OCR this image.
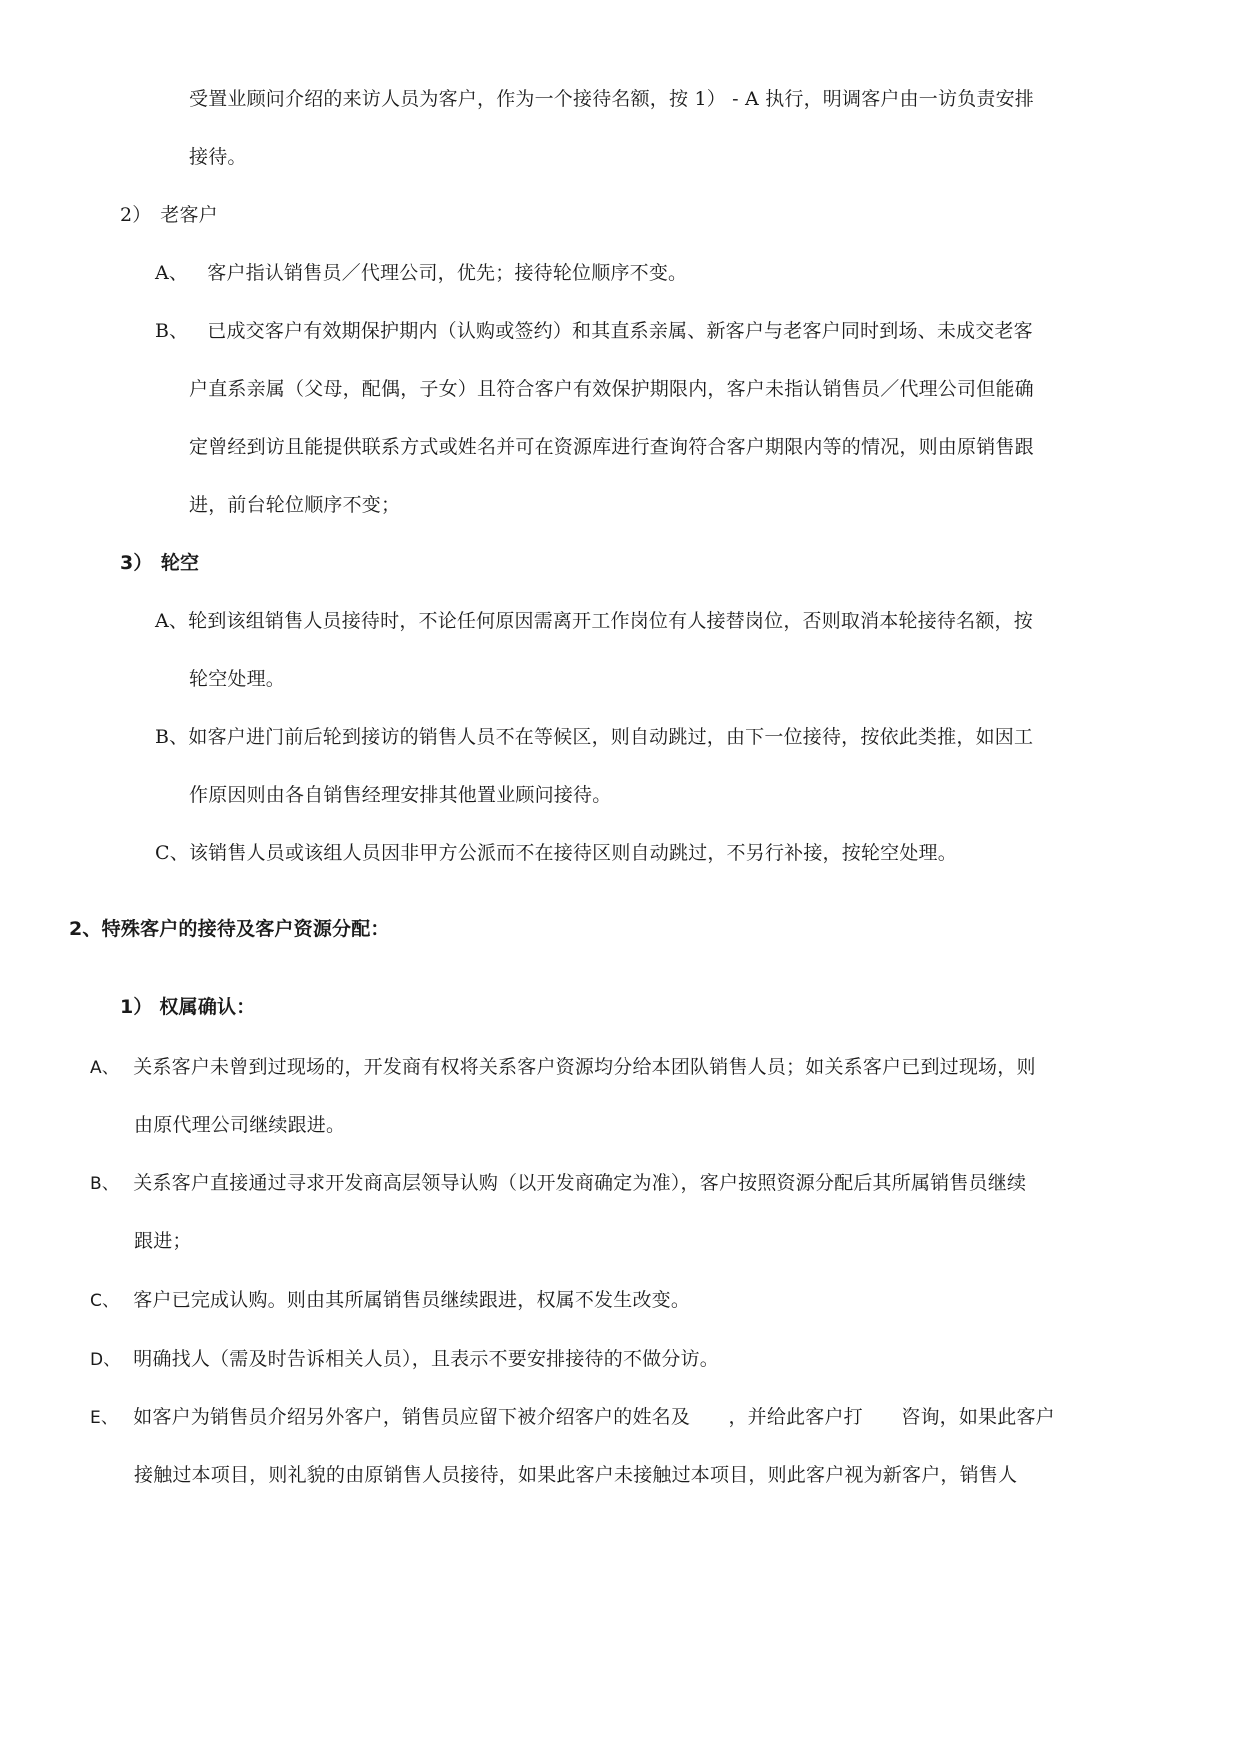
受置业顾问介绍的来访人员为客户，作为一个接待名额，按 1） - A 执行，明调客户由一访负责安排
接待。
2） 老客户
A、 客户指认销售员／代理公司，优先；接待轮位顺序不变。
B、 已成交客户有效期保护期内（认购或签约）和其直系亲属、新客户与老客户同时到场、未成交老客
户直系亲属（父母，配偶，子女）且符合客户有效保护期限内，客户未指认销售员／代理公司但能确
定曾经到访且能提供联系方式或姓名并可在资源库进行查询符合客户期限内等的情况，则由原销售跟
进，前台轮位顺序不变；
3） 轮空
A、轮到该组销售人员接待时，不论任何原因需离开工作岗位有人接替岗位，否则取消本轮接待名额，按
轮空处理。
B、如客户进门前后轮到接访的销售人员不在等候区，则自动跳过，由下一位接待，按依此类推，如因工
作原因则由各自销售经理安排其他置业顾问接待。
C、该销售人员或该组人员因非甲方公派而不在接待区则自动跳过，不另行补接，按轮空处理。
2、特殊客户的接待及客户资源分配：
1） 权属确认：
A、 关系客户未曾到过现场的，开发商有权将关系客户资源均分给本团队销售人员；如关系客户已到过现场，则
由原代理公司继续跟进。
B、 关系客户直接通过寻求开发商高层领导认购（以开发商确定为准），客户按照资源分配后其所属销售员继续
跟进；
C、 客户已完成认购。则由其所属销售员继续跟进，权属不发生改变。
D、 明确找人（需及时告诉相关人员），且表示不要安排接待的不做分访。
E、 如客户为销售员介绍另外客户，销售员应留下被介绍客户的姓名及　　，并给此客户打　　咨询，如果此客户
接触过本项目，则礼貌的由原销售人员接待，如果此客户未接触过本项目，则此客户视为新客户，销售人
